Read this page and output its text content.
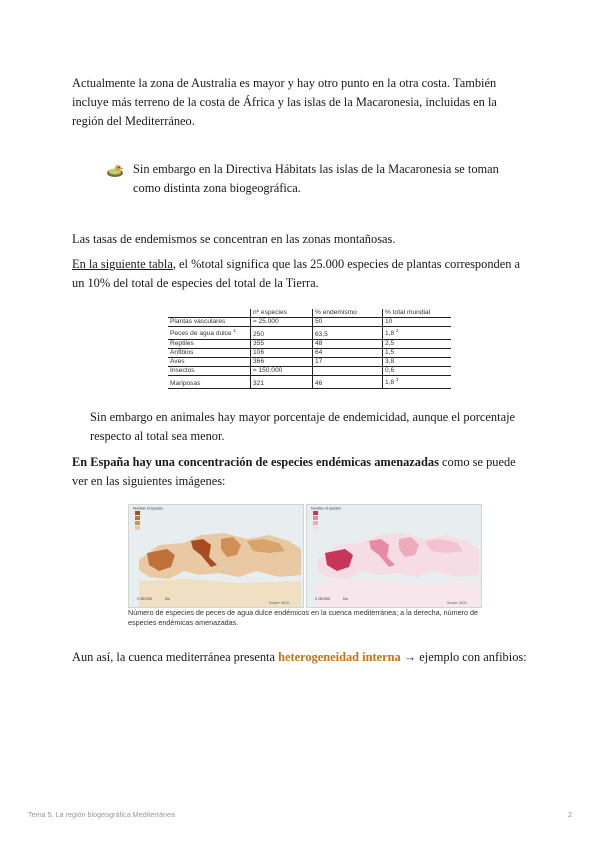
Actualmente la zona de Australia es mayor y hay otro punto en la otra costa. También incluye más terreno de la costa de África y las islas de la Macaronesia, incluidas en la región del Mediterráneo.

Sin embargo en la Directiva Hábitats las islas de la Macaronesia se toman como distinta zona biogeográfica.

Las tasas de endemismos se concentran en las zonas montañosas.

En la siguiente tabla, el %total significa que las 25.000 especies de plantas corresponden a un 10% del total de especies del total de la Tierra.

	nº especies	% endemismo	% total mundial
Plantas vasculares	≈ 25.000	50	10
Peces de agua dulce $^1$	250	63,5	1,8 $^2$
Reptiles	355	48	2,5
Anfibios	106	64	1,5
Aves	366	17	3,8
Insectos	≈ 150.000		0,6
Mariposas	321	46	1,8 $^3$

Sin embargo en animales hay mayor porcentaje de endemicidad, aunque el porcentaje respecto al total sea menor.

En España hay una concentración de especies endémicas amenazadas como se puede ver en las siguientes imágenes:

Number of species
0 250 500	Km
Source: IUCN
Number of species
0 250 500	Km
Source: IUCN
Número de especies de peces de agua dulce endémicos en la cuenca mediterránea; a la derecha, número de especies endémicas amenazadas.

Aun así, la cuenca mediterránea presenta heterogeneidad interna → ejemplo con anfibios:

Tema 5. La región biogeográfica Mediterránea	2
